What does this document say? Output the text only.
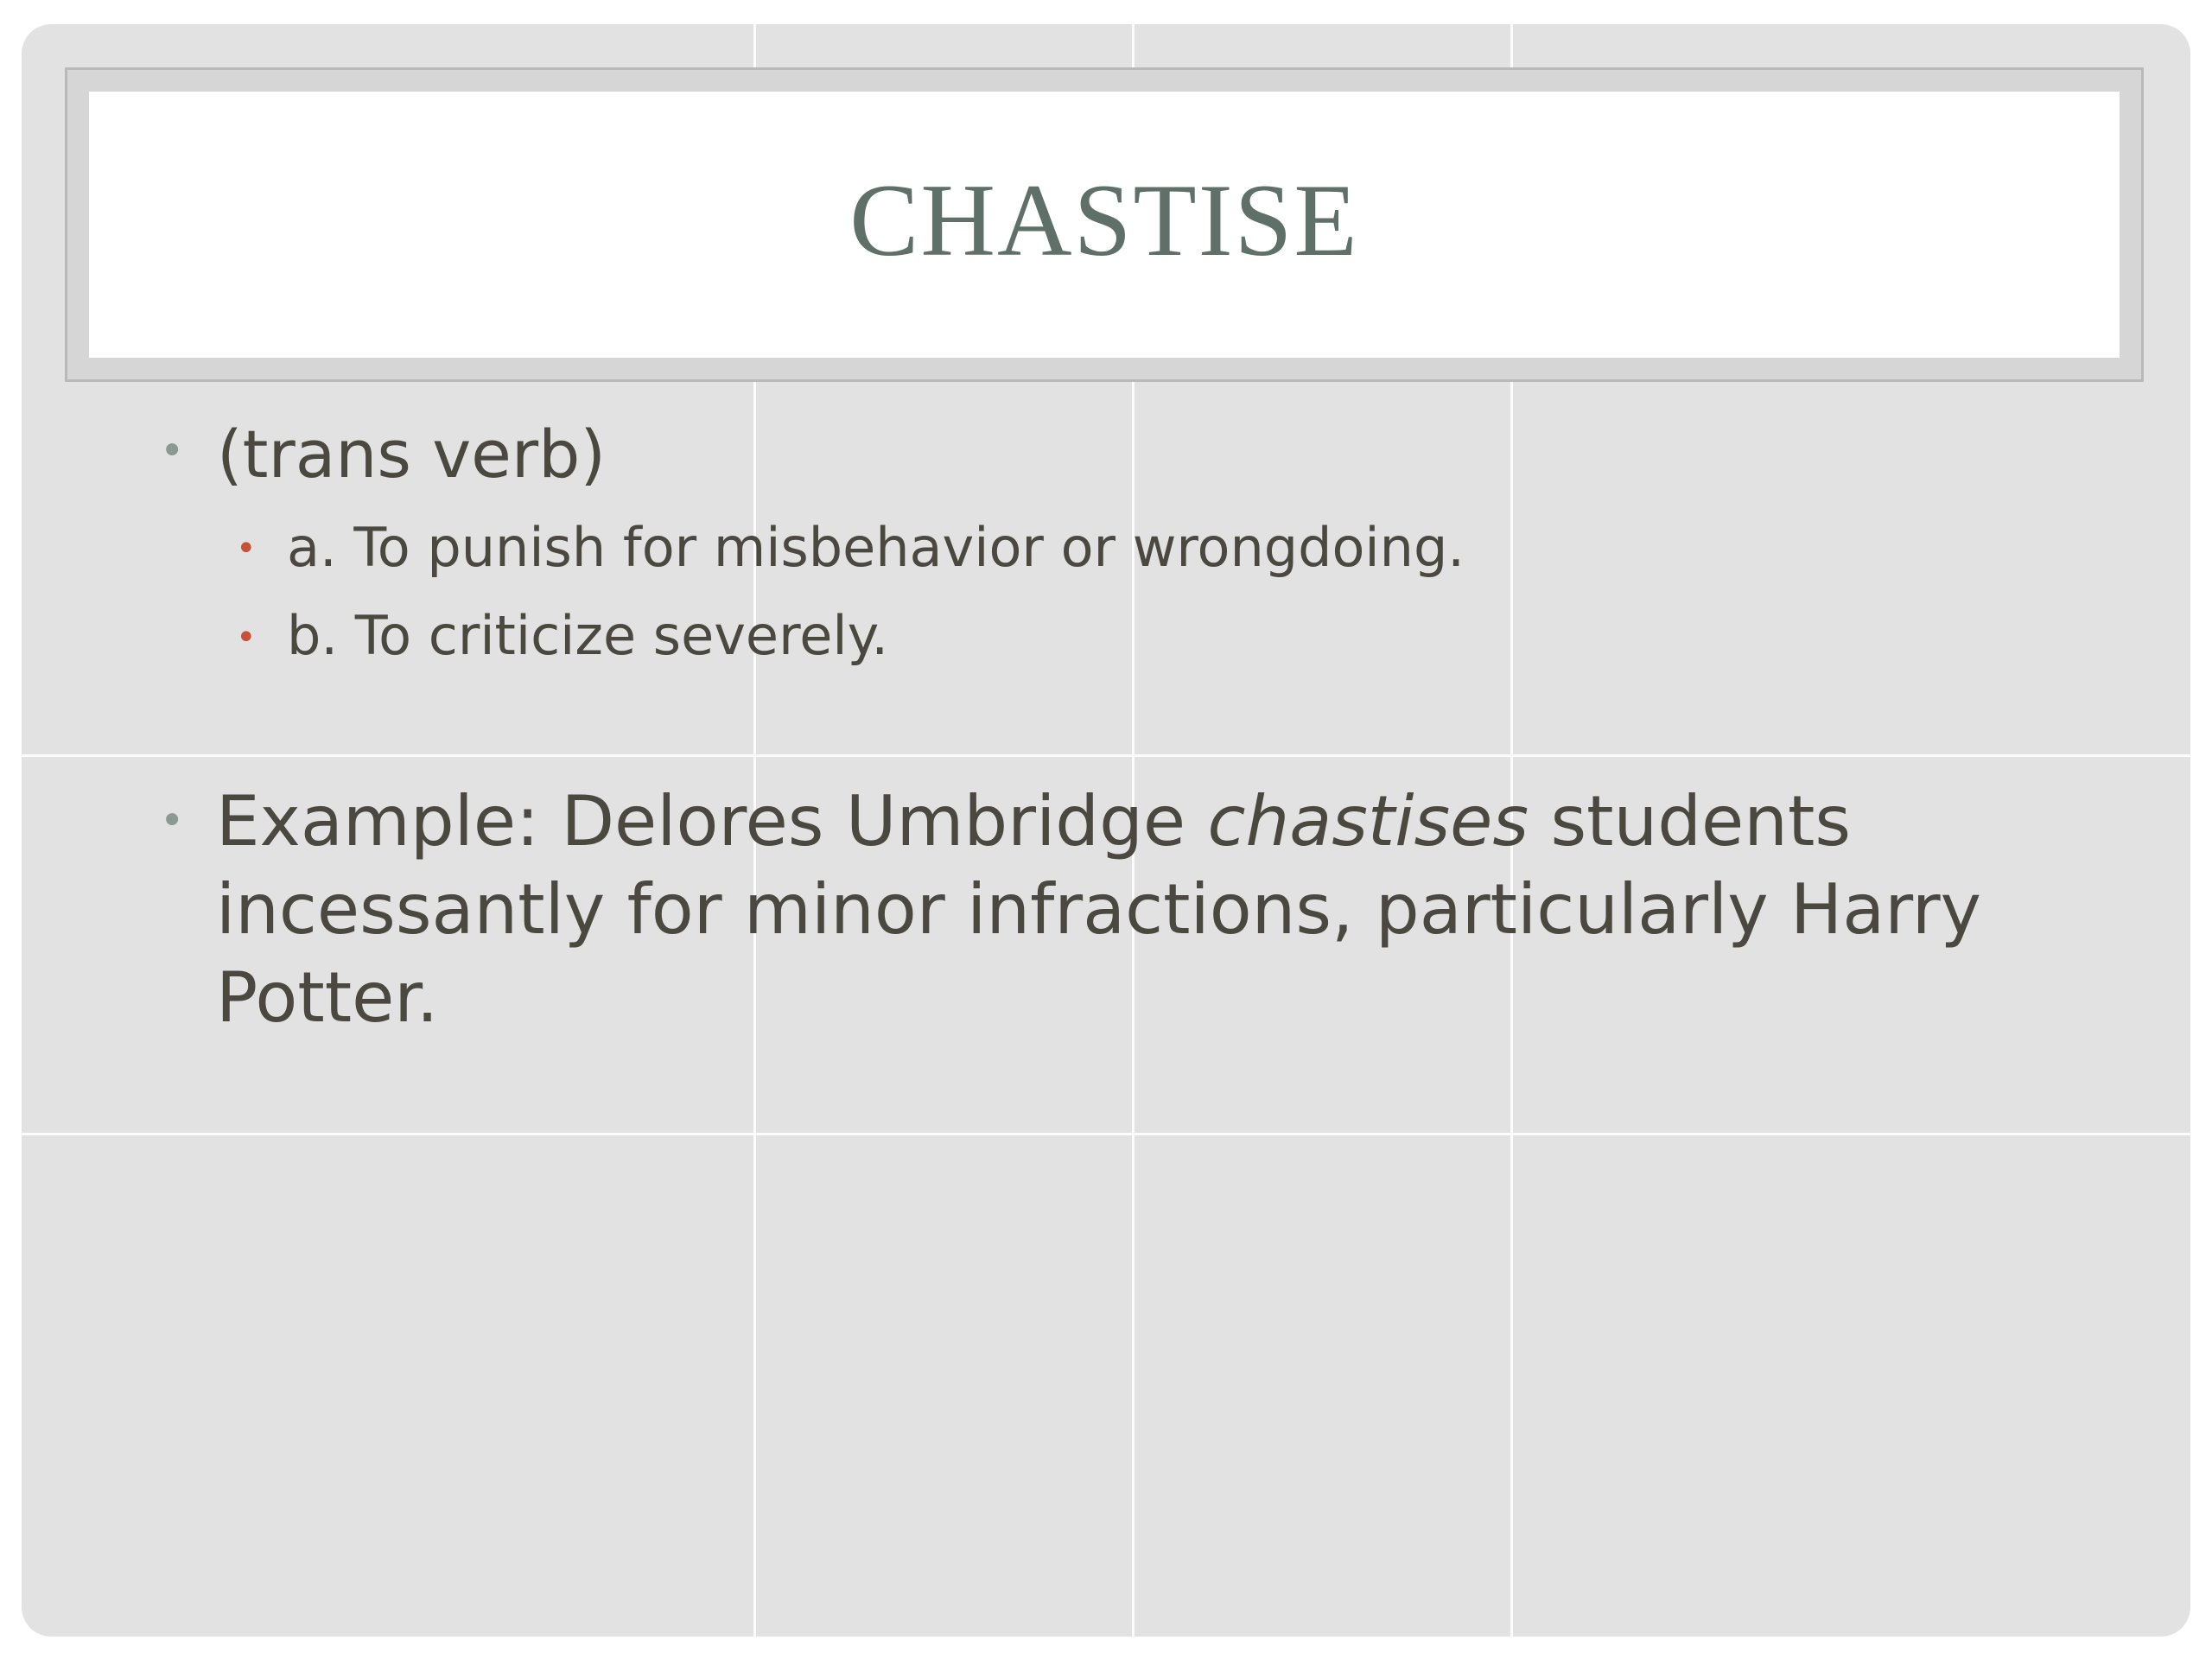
CHASTISE
• (trans verb)
• a. To punish for misbehavior or wrongdoing.
• b. To criticize severely.
• Example: Delores Umbridge chastises students incessantly for minor infractions, particularly Harry Potter.
